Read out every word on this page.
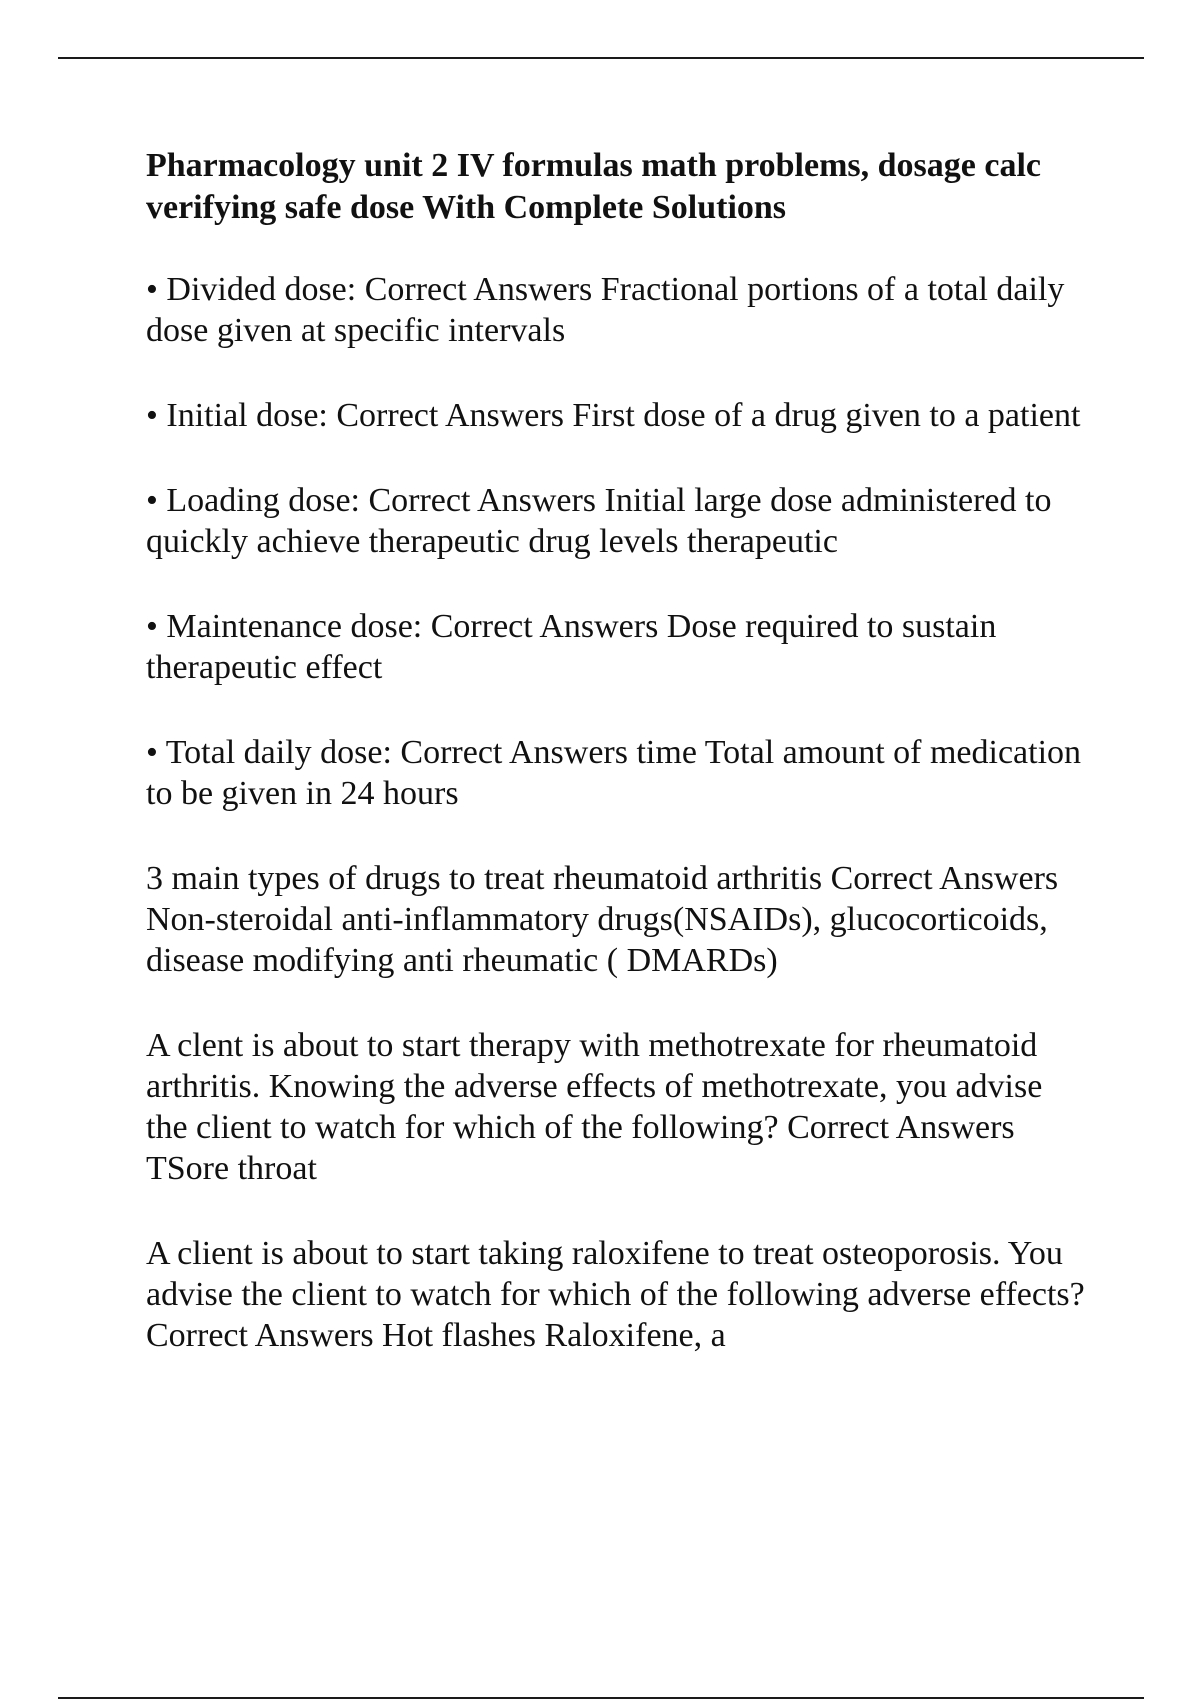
Pharmacology unit 2 IV formulas math problems, dosage calc verifying safe dose With Complete Solutions
• Divided dose: Correct Answers Fractional portions of a total daily dose given at specific intervals
• Initial dose: Correct Answers First dose of a drug given to a patient
• Loading dose: Correct Answers Initial large dose administered to quickly achieve therapeutic drug levels therapeutic
• Maintenance dose: Correct Answers Dose required to sustain therapeutic effect
• Total daily dose: Correct Answers time Total amount of medication to be given in 24 hours
3 main types of drugs to treat rheumatoid arthritis Correct Answers Non-steroidal anti-inflammatory drugs(NSAIDs), glucocorticoids, disease modifying anti rheumatic ( DMARDs)
A clent is about to start therapy with methotrexate for rheumatoid arthritis. Knowing the adverse effects of methotrexate, you advise the client to watch for which of the following? Correct Answers TSore throat
A client is about to start taking raloxifene to treat osteoporosis. You advise the client to watch for which of the following adverse effects? Correct Answers Hot flashes Raloxifene, a
